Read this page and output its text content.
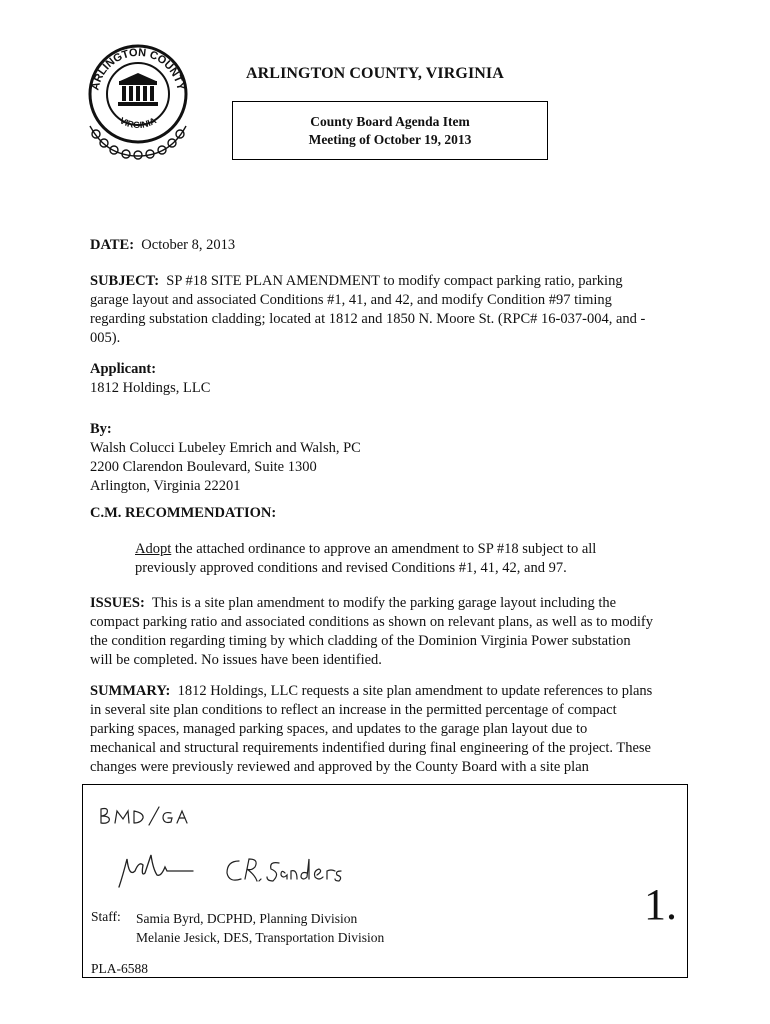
ARLINGTON COUNTY
VIRGINIA
ARLINGTON COUNTY, VIRGINIA
County Board Agenda Item
Meeting of October 19, 2013

DATE: October 8, 2013

SUBJECT: SP #18 SITE PLAN AMENDMENT to modify compact parking ratio, parking
garage layout and associated Conditions #1, 41, and 42, and modify Condition #97 timing
regarding substation cladding; located at 1812 and 1850 N. Moore St. (RPC# 16-037-004, and -
005).

Applicant:
1812 Holdings, LLC

By:
Walsh Colucci Lubeley Emrich and Walsh, PC
2200 Clarendon Boulevard, Suite 1300
Arlington, Virginia 22201

C.M. RECOMMENDATION:

Adopt the attached ordinance to approve an amendment to SP #18 subject to all
previously approved conditions and revised Conditions #1, 41, 42, and 97.

ISSUES: This is a site plan amendment to modify the parking garage layout including the
compact parking ratio and associated conditions as shown on relevant plans, as well as to modify
the condition regarding timing by which cladding of the Dominion Virginia Power substation
will be completed. No issues have been identified.

SUMMARY: 1812 Holdings, LLC requests a site plan amendment to update references to plans
in several site plan conditions to reflect an increase in the permitted percentage of compact
parking spaces, managed parking spaces, and updates to the garage plan layout due to
mechanical and structural requirements indentified during final engineering of the project. These
changes were previously reviewed and approved by the County Board with a site plan

Staff: Samia Byrd, DCPHD, Planning Division
Melanie Jesick, DES, Transportation Division
PLA-6588
1.
